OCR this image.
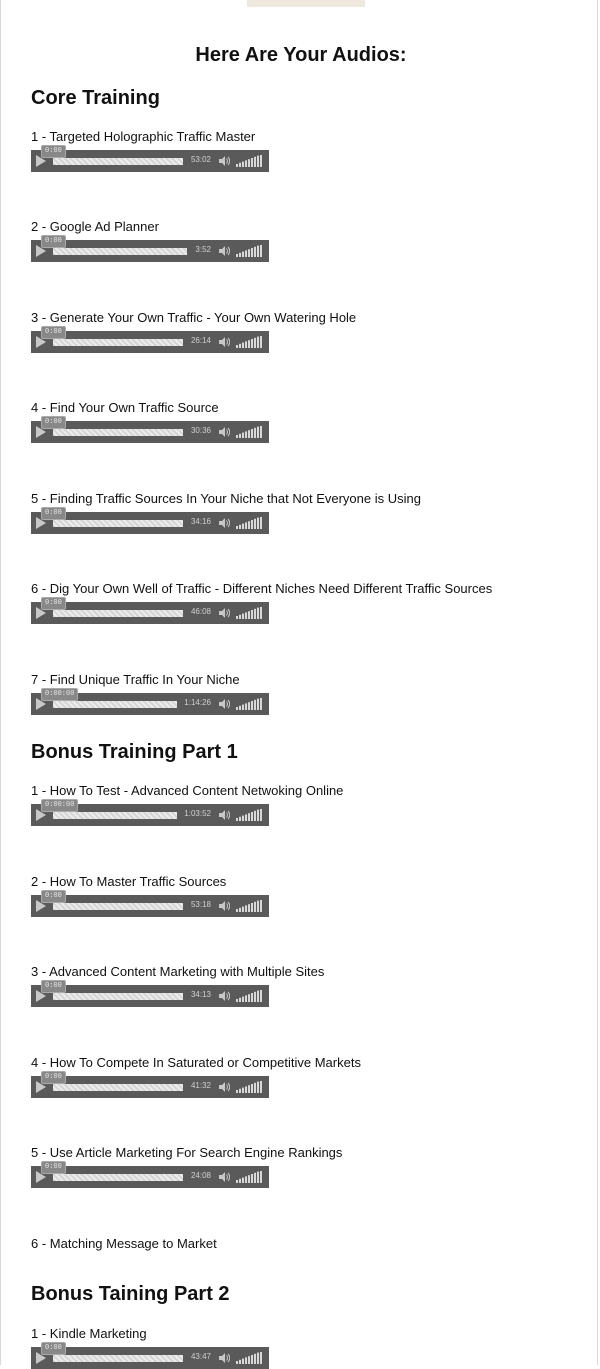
Here Are Your Audios:
Core Training
1 - Targeted Holographic Traffic Master
0:00
53:02
2 - Google Ad Planner
0:00
3:52
3 - Generate Your Own Traffic - Your Own Watering Hole
0:00
26:14
4 - Find Your Own Traffic Source
0:00
30:36
5 - Finding Traffic Sources In Your Niche that Not Everyone is Using
0:00
34:16
6 - Dig Your Own Well of Traffic - Different Niches Need Different Traffic Sources
0:00
46:08
7 - Find Unique Traffic In Your Niche
0:00:00
1:14:26
Bonus Training Part 1
1 - How To Test - Advanced Content Netwoking Online
0:00:00
1:03:52
2 - How To Master Traffic Sources
0:00
53:18
3 - Advanced Content Marketing with Multiple Sites
0:00
34:13
4 - How To Compete In Saturated or Competitive Markets
0:00
41:32
5 - Use Article Marketing For Search Engine Rankings
0:00
24:08
6 - Matching Message to Market
Bonus Taining Part 2
1 - Kindle Marketing
0:00
43:47
